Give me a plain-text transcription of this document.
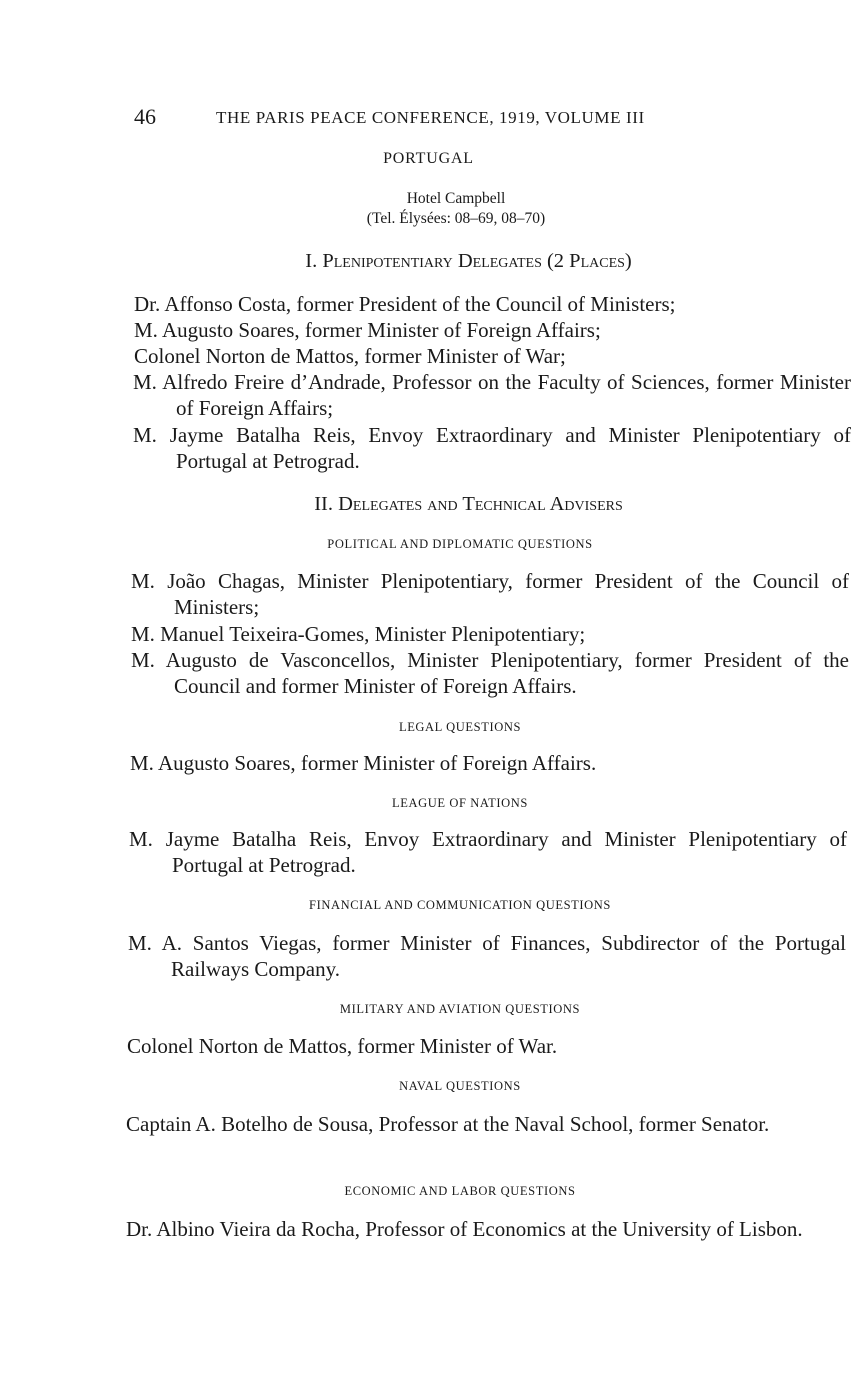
46	THE PARIS PEACE CONFERENCE, 1919, VOLUME III
PORTUGAL
Hotel Campbell
(Tel. Élysées: 08–69, 08–70)
I. Plenipotentiary Delegates (2 Places)
Dr. Affonso Costa, former President of the Council of Ministers;
M. Augusto Soares, former Minister of Foreign Affairs;
Colonel Norton de Mattos, former Minister of War;
M. Alfredo Freire d’Andrade, Professor on the Faculty of Sciences, former Minister of Foreign Affairs;
M. Jayme Batalha Reis, Envoy Extraordinary and Minister Plenipotentiary of Portugal at Petrograd.
II. Delegates and Technical Advisers
POLITICAL AND DIPLOMATIC QUESTIONS
M. João Chagas, Minister Plenipotentiary, former President of the Council of Ministers;
M. Manuel Teixeira-Gomes, Minister Plenipotentiary;
M. Augusto de Vasconcellos, Minister Plenipotentiary, former President of the Council and former Minister of Foreign Affairs.
LEGAL QUESTIONS
M. Augusto Soares, former Minister of Foreign Affairs.
LEAGUE OF NATIONS
M. Jayme Batalha Reis, Envoy Extraordinary and Minister Plenipotentiary of Portugal at Petrograd.
FINANCIAL AND COMMUNICATION QUESTIONS
M. A. Santos Viegas, former Minister of Finances, Subdirector of the Portugal Railways Company.
MILITARY AND AVIATION QUESTIONS
Colonel Norton de Mattos, former Minister of War.
NAVAL QUESTIONS
Captain A. Botelho de Sousa, Professor at the Naval School, former Senator.
ECONOMIC AND LABOR QUESTIONS
Dr. Albino Vieira da Rocha, Professor of Economics at the University of Lisbon.
